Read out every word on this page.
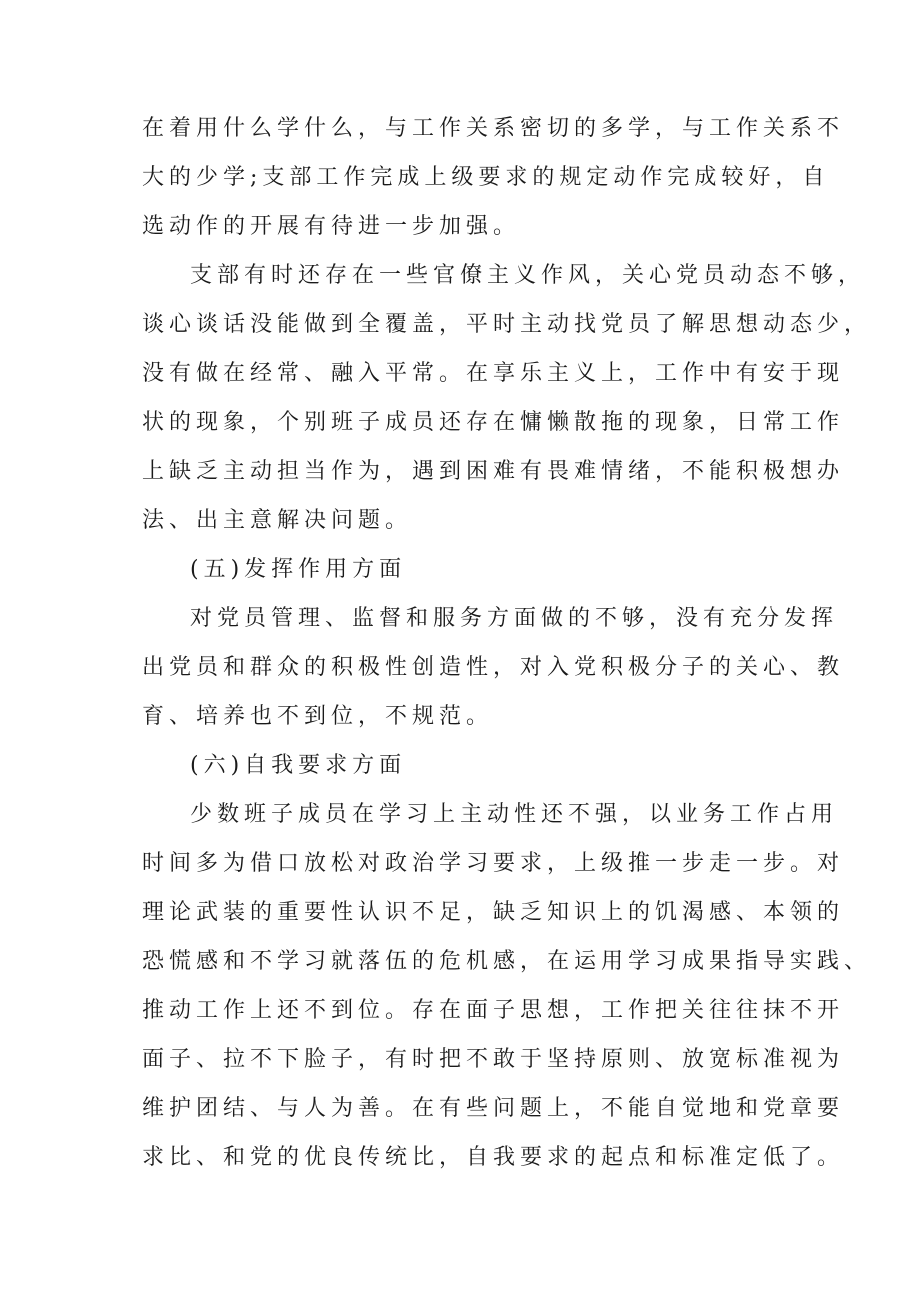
在着用什么学什么，与工作关系密切的多学，与工作关系不
大的少学;支部工作完成上级要求的规定动作完成较好，自
选动作的开展有待进一步加强。
支部有时还存在一些官僚主义作风，关心党员动态不够，
谈心谈话没能做到全覆盖，平时主动找党员了解思想动态少，
没有做在经常、融入平常。在享乐主义上，工作中有安于现
状的现象，个别班子成员还存在慵懒散拖的现象，日常工作
上缺乏主动担当作为，遇到困难有畏难情绪，不能积极想办
法、出主意解决问题。
(五)发挥作用方面
对党员管理、监督和服务方面做的不够，没有充分发挥
出党员和群众的积极性创造性，对入党积极分子的关心、教
育、培养也不到位，不规范。
(六)自我要求方面
少数班子成员在学习上主动性还不强，以业务工作占用
时间多为借口放松对政治学习要求，上级推一步走一步。对
理论武装的重要性认识不足，缺乏知识上的饥渴感、本领的
恐慌感和不学习就落伍的危机感，在运用学习成果指导实践、
推动工作上还不到位。存在面子思想，工作把关往往抹不开
面子、拉不下脸子，有时把不敢于坚持原则、放宽标准视为
维护团结、与人为善。在有些问题上，不能自觉地和党章要
求比、和党的优良传统比，自我要求的起点和标准定低了。
